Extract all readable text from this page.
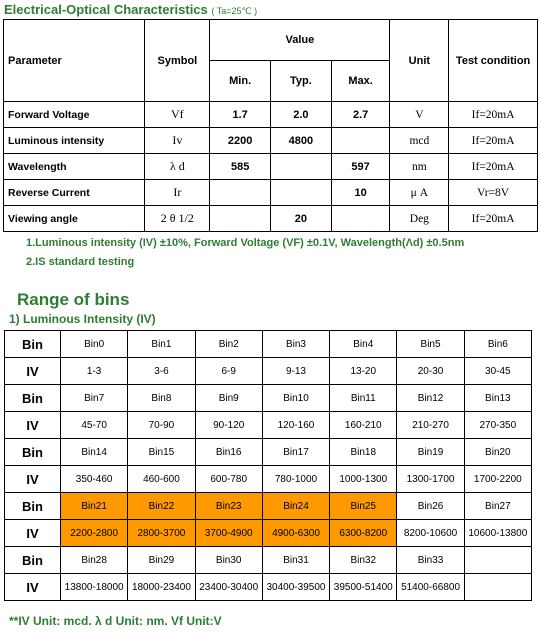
Electrical-Optical Characteristics ( Ta=25℃ )
Parameter	Symbol	Value			Unit	Test condition
		Min.	Typ.	Max.		
Forward Voltage	Vf	1.7	2.0	2.7	V	If=20mA
Luminous intensity	Iv	2200	4800		mcd	If=20mA
Wavelength	λ d	585		597	nm	If=20mA
Reverse Current	Ir			10	μ A	Vr=8V
Viewing angle	2 θ 1/2		20		Deg	If=20mA
1.Luminous intensity (IV) ±10%, Forward Voltage (VF) ±0.1V, Wavelength(Λd) ±0.5nm
2.IS standard testing
Range of bins
1) Luminous Intensity (IV)
Bin	Bin0	Bin1	Bin2	Bin3	Bin4	Bin5	Bin6
IV	1-3	3-6	6-9	9-13	13-20	20-30	30-45
Bin	Bin7	Bin8	Bin9	Bin10	Bin11	Bin12	Bin13
IV	45-70	70-90	90-120	120-160	160-210	210-270	270-350
Bin	Bin14	Bin15	Bin16	Bin17	Bin18	Bin19	Bin20
IV	350-460	460-600	600-780	780-1000	1000-1300	1300-1700	1700-2200
Bin	Bin21	Bin22	Bin23	Bin24	Bin25	Bin26	Bin27
IV	2200-2800	2800-3700	3700-4900	4900-6300	6300-8200	8200-10600	10600-13800
Bin	Bin28	Bin29	Bin30	Bin31	Bin32	Bin33	
IV	13800-18000	18000-23400	23400-30400	30400-39500	39500-51400	51400-66800	
**IV Unit: mcd. λ d Unit: nm. Vf Unit:V
